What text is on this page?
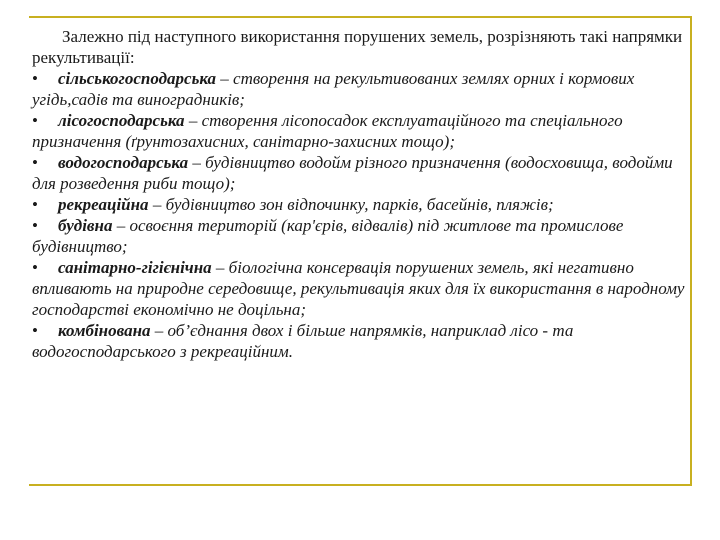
Залежно під наступного використання порушених земель, розрізняють такі напрямки рекультивації:

• сільськогосподарська – створення на рекультивованих землях орних і кормових угідь,садів та виноградників;

• лісогосподарська – створення лісопосадок експлуатаційного та спеціального призначення (ґрунтозахисних, санітарно-захисних тощо);

• водогосподарська – будівництво водойм різного призначення (водосховища, водойми для розведення риби тощо);

• рекреаційна – будівництво зон відпочинку, парків, басейнів, пляжів;

• будівна – освоєння територій (кар'єрів, відвалів) під житлове та промислове будівництво;

• санітарно-гігієнічна – біологічна консервація порушених земель, які негативно впливають на природне середовище, рекультивація яких для їх використання в народному господарстві економічно не доцільна;

• комбінована – об’єднання двох і більше напрямків, наприклад лісо - та водогосподарського з рекреаційним.
